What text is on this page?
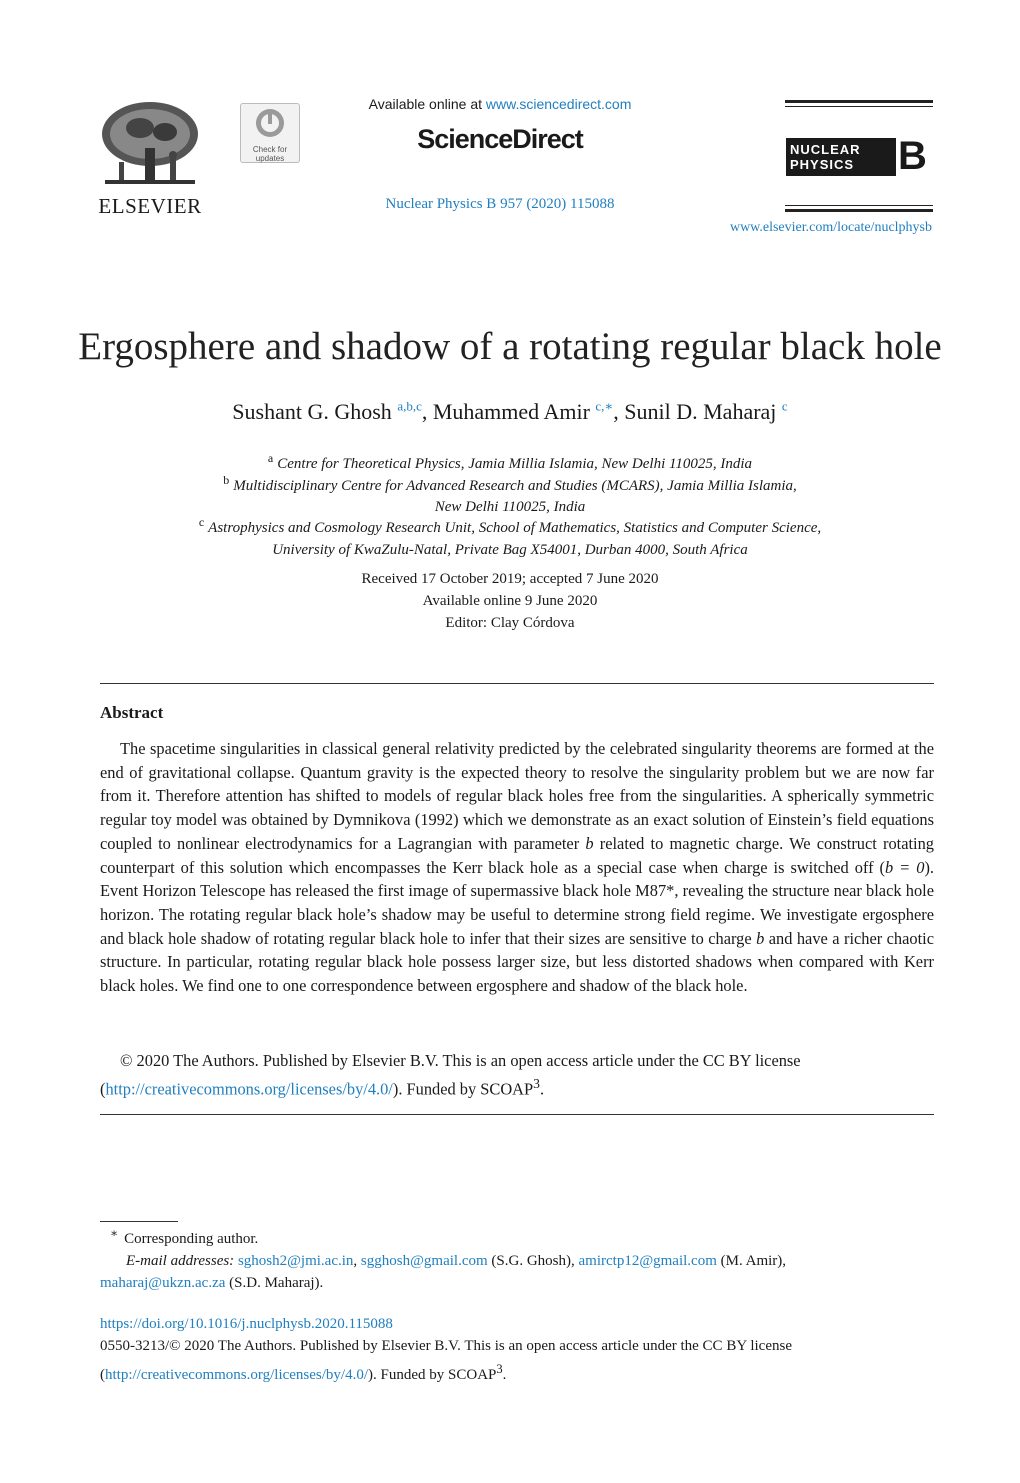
ELSEVIER
Check for updates
Available online at www.sciencedirect.com
ScienceDirect
Nuclear Physics B 957 (2020) 115088
NUCLEAR
PHYSICS	B
www.elsevier.com/locate/nuclphysb
Ergosphere and shadow of a rotating regular black hole
Sushant G. Ghosh $^{a,b,c}$, Muhammed Amir $^{c,∗}$, Sunil D. Maharaj $^c$
$^a$ Centre for Theoretical Physics, Jamia Millia Islamia, New Delhi 110025, India
$^b$ Multidisciplinary Centre for Advanced Research and Studies (MCARS), Jamia Millia Islamia,
New Delhi 110025, India
$^c$ Astrophysics and Cosmology Research Unit, School of Mathematics, Statistics and Computer Science,
University of KwaZulu-Natal, Private Bag X54001, Durban 4000, South Africa
Received 17 October 2019; accepted 7 June 2020
Available online 9 June 2020
Editor: Clay Córdova
Abstract

The spacetime singularities in classical general relativity predicted by the celebrated singularity theorems are formed at the end of gravitational collapse. Quantum gravity is the expected theory to resolve the singularity problem but we are now far from it. Therefore attention has shifted to models of regular black holes free from the singularities. A spherically symmetric regular toy model was obtained by Dymnikova (1992) which we demonstrate as an exact solution of Einstein’s field equations coupled to nonlinear electrodynamics for a Lagrangian with parameter b related to magnetic charge. We construct rotating counterpart of this solution which encompasses the Kerr black hole as a special case when charge is switched off (b = 0). Event Horizon Telescope has released the first image of supermassive black hole M87*, revealing the structure near black hole horizon. The rotating regular black hole’s shadow may be useful to determine strong field regime. We investigate ergosphere and black hole shadow of rotating regular black hole to infer that their sizes are sensitive to charge b and have a richer chaotic structure. In particular, rotating regular black hole possess larger size, but less distorted shadows when compared with Kerr black holes. We find one to one correspondence between ergosphere and shadow of the black hole.

© 2020 The Authors. Published by Elsevier B.V. This is an open access article under the CC BY license
(http://creativecommons.org/licenses/by/4.0/). Funded by SCOAP$^3$.
∗ Corresponding author.
E-mail addresses: sghosh2@jmi.ac.in, sgghosh@gmail.com (S.G. Ghosh), amirctp12@gmail.com (M. Amir),
maharaj@ukzn.ac.za (S.D. Maharaj).
https://doi.org/10.1016/j.nuclphysb.2020.115088
0550-3213/© 2020 The Authors. Published by Elsevier B.V. This is an open access article under the CC BY license
(http://creativecommons.org/licenses/by/4.0/). Funded by SCOAP$^3$.
